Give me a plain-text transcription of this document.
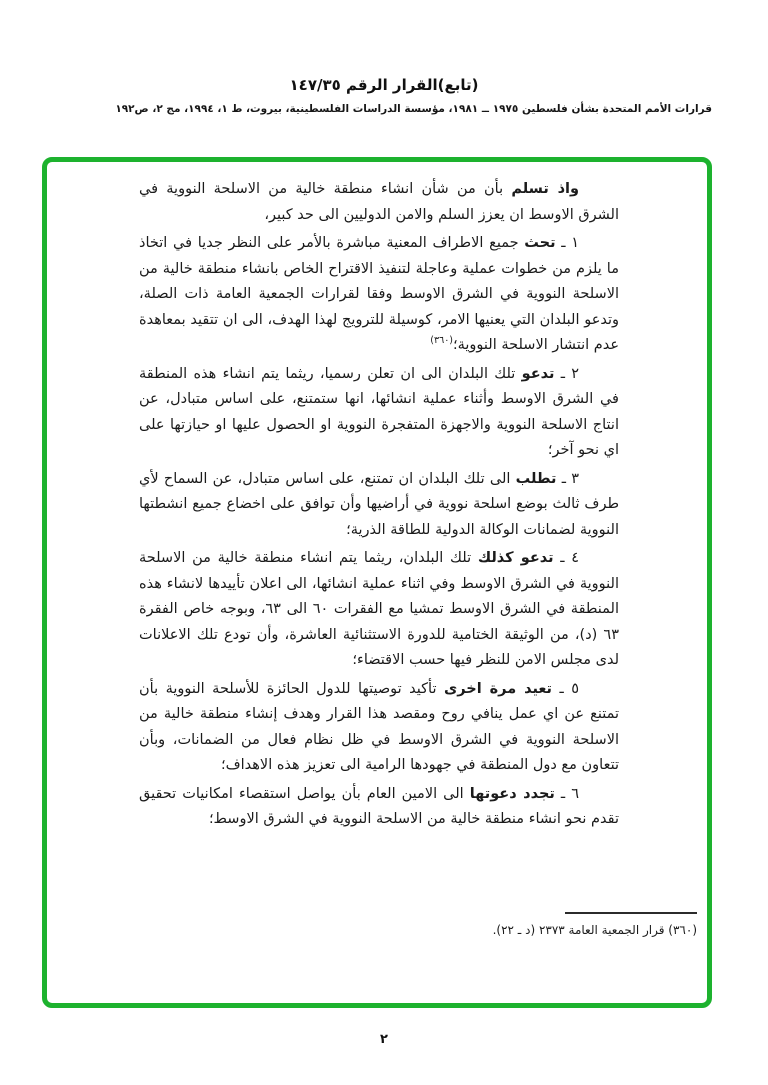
(تابع)القرار الرقم ١٤٧/٣٥
قرارات الأمم المتحدة بشأن فلسطين ١٩٧٥ ــ ١٩٨١، مؤسسة الدراسات الفلسطينية، بيروت، ط ١، ١٩٩٤، مج ٢، ص١٩٢

واذ تسلم بأن من شأن انشاء منطقة خالية من الاسلحة النووية في الشرق الاوسط ان يعزز السلم والامن الدوليين الى حد كبير،

١ ـ تحث جميع الاطراف المعنية مباشرة بالأمر على النظر جديا في اتخاذ ما يلزم من خطوات عملية وعاجلة لتنفيذ الاقتراح الخاص بانشاء منطقة خالية من الاسلحة النووية في الشرق الاوسط وفقا لقرارات الجمعية العامة ذات الصلة، وتدعو البلدان التي يعنيها الامر، كوسيلة للترويج لهذا الهدف، الى ان تتقيد بمعاهدة عدم انتشار الاسلحة النووية؛$^{(٣٦٠)}$

٢ ـ تدعو تلك البلدان الى ان تعلن رسميا، ريثما يتم انشاء هذه المنطقة في الشرق الاوسط وأثناء عملية انشائها، انها ستمتنع، على اساس متبادل، عن انتاج الاسلحة النووية والاجهزة المتفجرة النووية او الحصول عليها او حيازتها على اي نحو آخر؛

٣ ـ تطلب الى تلك البلدان ان تمتنع، على اساس متبادل، عن السماح لأي طرف ثالث بوضع اسلحة نووية في أراضيها وأن توافق على اخضاع جميع انشطتها النووية لضمانات الوكالة الدولية للطاقة الذرية؛

٤ ـ تدعو كذلك تلك البلدان، ريثما يتم انشاء منطقة خالية من الاسلحة النووية في الشرق الاوسط وفي اثناء عملية انشائها، الى اعلان تأييدها لانشاء هذه المنطقة في الشرق الاوسط تمشيا مع الفقرات ٦٠ الى ٦٣، وبوجه خاص الفقرة ٦٣ (د)، من الوثيقة الختامية للدورة الاستثنائية العاشرة، وأن تودع تلك الاعلانات لدى مجلس الامن للنظر فيها حسب الاقتضاء؛

٥ ـ تعيد مرة اخرى تأكيد توصيتها للدول الحائزة للأسلحة النووية بأن تمتنع عن اي عمل ينافي روح ومقصد هذا القرار وهدف إنشاء منطقة خالية من الاسلحة النووية في الشرق الاوسط في ظل نظام فعال من الضمانات، وبأن تتعاون مع دول المنطقة في جهودها الرامية الى تعزيز هذه الاهداف؛

٦ ـ تجدد دعوتها الى الامين العام بأن يواصل استقصاء امكانيات تحقيق تقدم نحو انشاء منطقة خالية من الاسلحة النووية في الشرق الاوسط؛

(٣٦٠) قرار الجمعية العامة ٢٣٧٣ (د ـ ٢٢).
٢
